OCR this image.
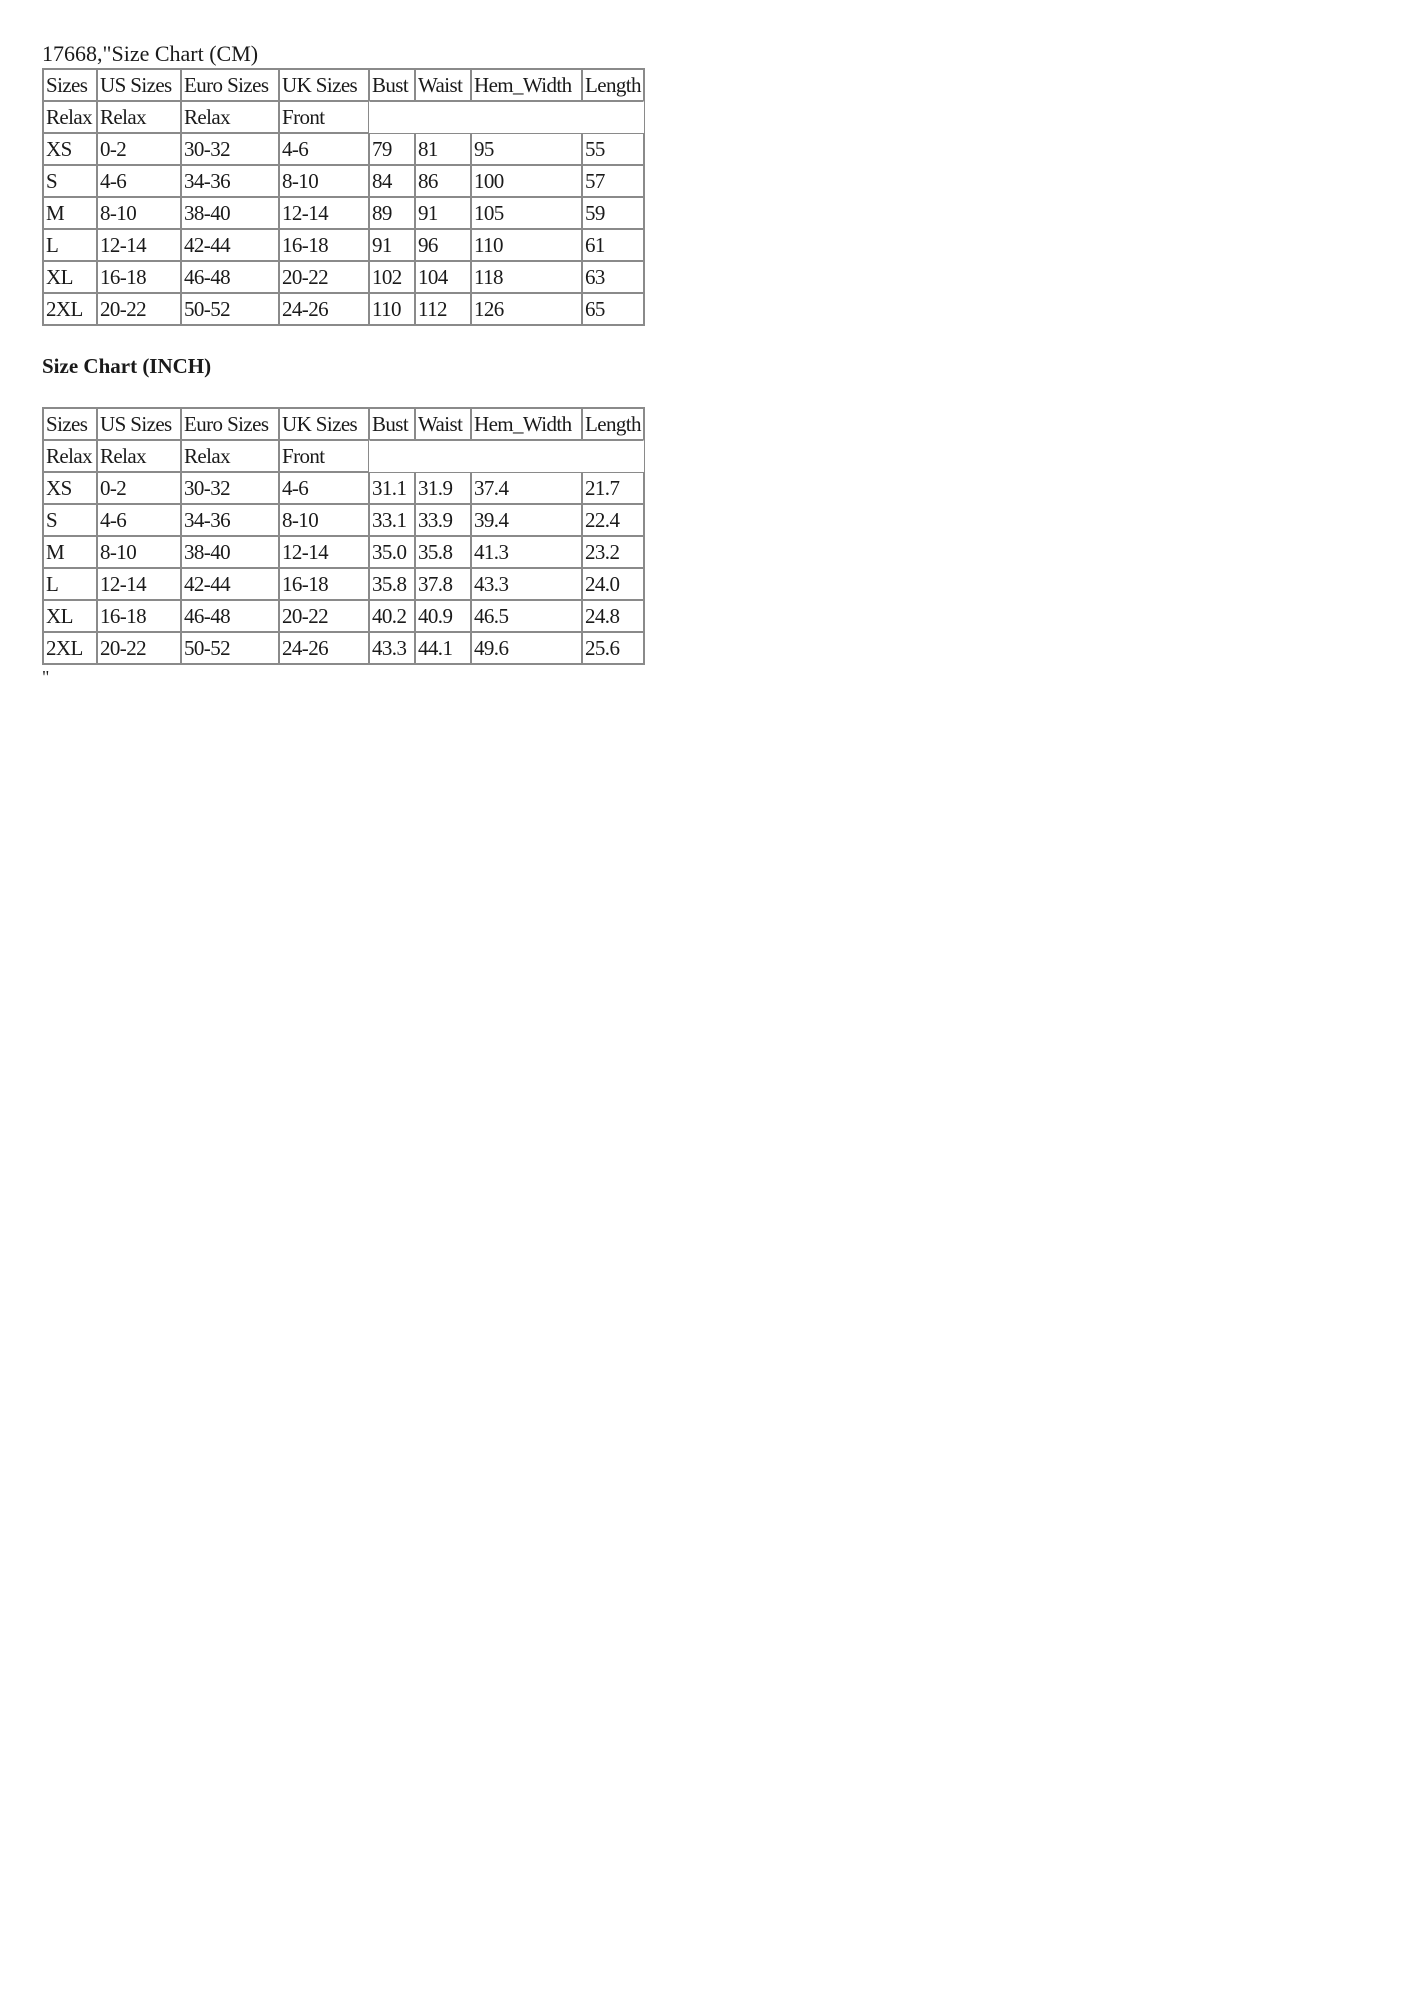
17668,"Size Chart (CM)

Sizes	US Sizes	Euro Sizes	UK Sizes	Bust	Waist	Hem_Width	Length
Relax	Relax	Relax	Front				
XS	0-2	30-32	4-6	79	81	95	55
S	4-6	34-36	8-10	84	86	100	57
M	8-10	38-40	12-14	89	91	105	59
L	12-14	42-44	16-18	91	96	110	61
XL	16-18	46-48	20-22	102	104	118	63
2XL	20-22	50-52	24-26	110	112	126	65

Size Chart (INCH)

Sizes	US Sizes	Euro Sizes	UK Sizes	Bust	Waist	Hem_Width	Length
Relax	Relax	Relax	Front				
XS	0-2	30-32	4-6	31.1	31.9	37.4	21.7
S	4-6	34-36	8-10	33.1	33.9	39.4	22.4
M	8-10	38-40	12-14	35.0	35.8	41.3	23.2
L	12-14	42-44	16-18	35.8	37.8	43.3	24.0
XL	16-18	46-48	20-22	40.2	40.9	46.5	24.8
2XL	20-22	50-52	24-26	43.3	44.1	49.6	25.6
"
